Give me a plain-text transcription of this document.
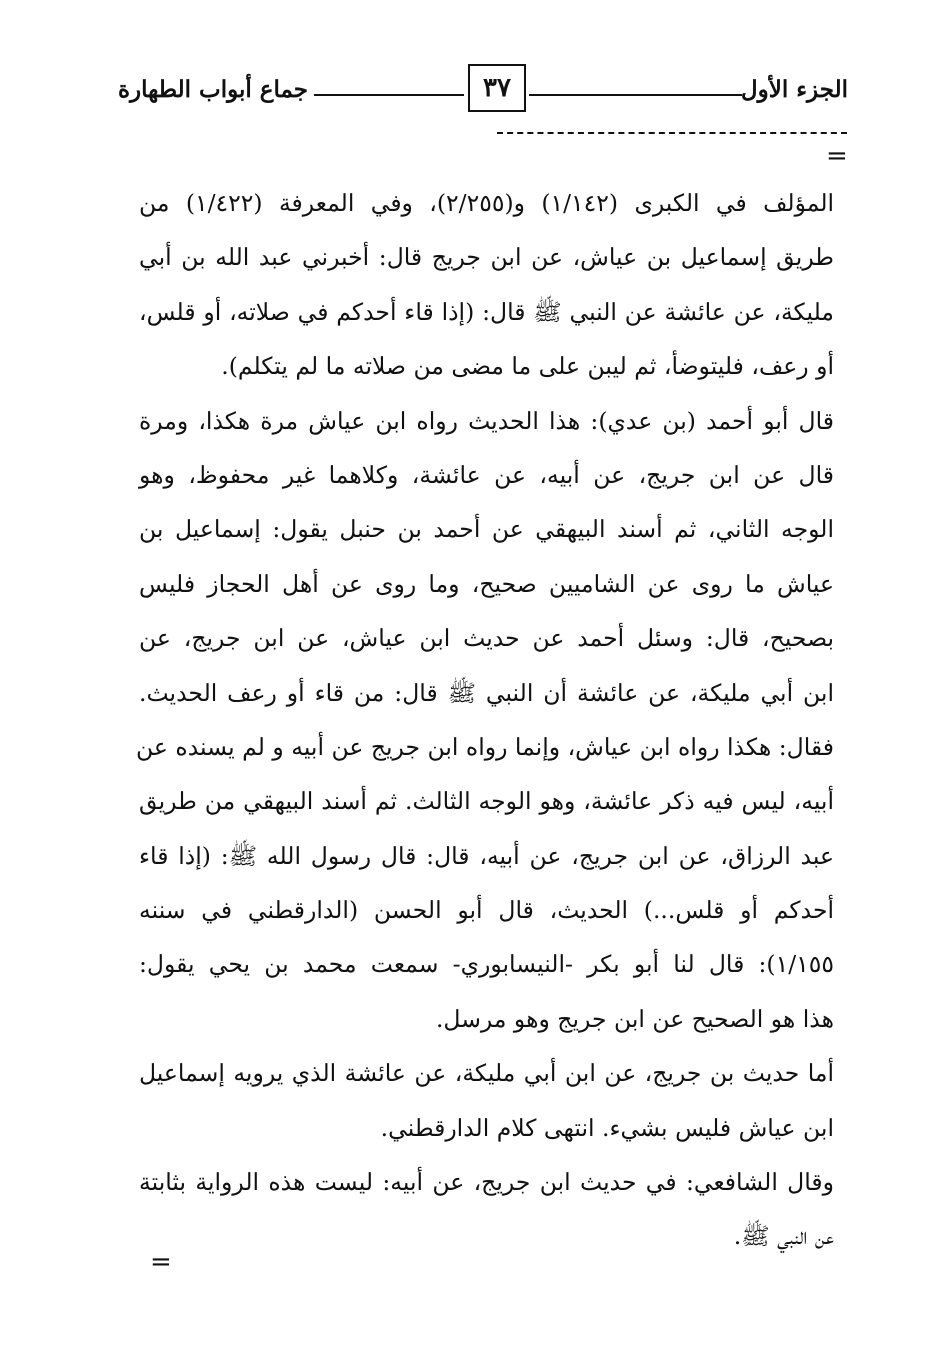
الجزء الأول
٣٧
جماع أبواب الطهارة
=

المؤلف في الكبرى (١/١٤٢) و(٢/٢٥٥)، وفي المعرفة (١/٤٢٢) من
طريق إسماعيل بن عياش، عن ابن جريج قال: أخبرني عبد الله بن أبي
مليكة، عن عائشة عن النبي ﷺ قال: (إذا قاء أحدكم في صلاته، أو قلس،
أو رعف، فليتوضأ، ثم ليبن على ما مضى من صلاته ما لم يتكلم).

قال أبو أحمد (بن عدي): هذا الحديث رواه ابن عياش مرة هكذا، ومرة
قال عن ابن جريج، عن أبيه، عن عائشة، وكلاهما غير محفوظ، وهو
الوجه الثاني، ثم أسند البيهقي عن أحمد بن حنبل يقول: إسماعيل بن
عياش ما روى عن الشاميين صحيح، وما روى عن أهل الحجاز فليس
بصحيح، قال: وسئل أحمد عن حديث ابن عياش، عن ابن جريج، عن
ابن أبي مليكة، عن عائشة أن النبي ﷺ قال: من قاء أو رعف الحديث.
فقال: هكذا رواه ابن عياش، وإنما رواه ابن جريج عن أبيه و لم يسنده عن
أبيه، ليس فيه ذكر عائشة، وهو الوجه الثالث. ثم أسند البيهقي من طريق
عبد الرزاق، عن ابن جريج، عن أبيه، قال: قال رسول الله ﷺ: (إذا قاء
أحدكم أو قلس...) الحديث، قال أبو الحسن (الدارقطني في سننه
١/١٥٥): قال لنا أبو بكر -النيسابوري- سمعت محمد بن يحي يقول:
هذا هو الصحيح عن ابن جريج وهو مرسل.

أما حديث بن جريج، عن ابن أبي مليكة، عن عائشة الذي يرويه إسماعيل
ابن عياش فليس بشيء. انتهى كلام الدارقطني.

وقال الشافعي: في حديث ابن جريج، عن أبيه: ليست هذه الرواية بثابتة
عن النبي ﷺ.

=
